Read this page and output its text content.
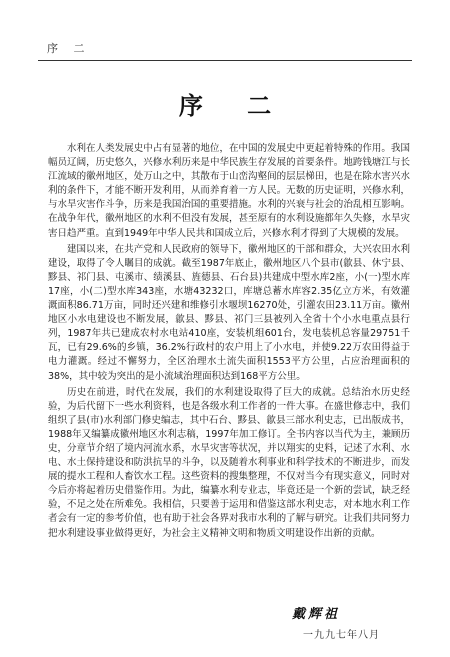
序 二
序 二

水利在人类发展史中占有显著的地位，在中国的发展史中更起着特殊的作用。我国幅员辽阔，历史悠久，兴修水利历来是中华民族生存发展的首要条件。地跨钱塘江与长江流域的徽州地区，处万山之中，其散布于山峦沟壑间的层层梯田，也是在除水害兴水利的条件下，才能不断开发利用，从而养育着一方人民。无数的历史证明，兴修水利，与水旱灾害作斗争，历来是我国治国的重要措施。水利的兴衰与社会的治乱相互影响。在战争年代，徽州地区的水利不但没有发展，甚至原有的水利设施都年久失修，水旱灾害日趋严重。直到1949年中华人民共和国成立后，兴修水利才得到了大规模的发展。

建国以来，在共产党和人民政府的领导下，徽州地区的干部和群众，大兴农田水利建设，取得了令人瞩目的成就。截至1987年底止，徽州地区八个县市(歙县、休宁县、黟县、祁门县、屯溪市、绩溪县、旌德县、石台县)共建成中型水库2座，小(一)型水库17座，小(二)型水库343座，水塘43232口，库塘总蓄水库容2.35亿立方米，有效灌溉面积86.71万亩，同时还兴建和维修引水堰坝16270处，引灌农田23.11万亩。徽州地区小水电建设也不断发展，歙县、黟县、祁门三县被列入全省十个小水电重点县行列，1987年共已建成农村水电站410座，安装机组601台，发电装机总容量29751千瓦，已有29.6%的乡镇，36.2%行政村的农户用上了小水电，并使9.22万农田得益于电力灌溉。经过不懈努力，全区治理水土流失面积1553平方公里，占应治理面积的38%，其中较为突出的是小流域治理面积达到168平方公里。

历史在前进，时代在发展，我们的水利建设取得了巨大的成就。总结治水历史经验，为后代留下一些水利资料，也是各级水利工作者的一件大事。在盛世修志中，我们组织了县(市)水利部门修史编志，其中石台、黟县、歙县三部水利史志，已出版成书，1988年又编纂成徽州地区水利志稿，1997年加工修订。全书内容以当代为主，兼顾历史，分章节介绍了境内河流水系，水旱灾害等状况，并以翔实的史料，记述了水利、水电、水土保持建设和防洪抗旱的斗争，以及随着水利事业和科学技术的不断进步，而发展的提水工程和人畜饮水工程。这些资料的搜集整理，不仅对当今有现实意义，同时对今后亦将起着历史借鉴作用。为此，编纂水利专业志，毕竟还是一个新的尝试，缺乏经验，不足之处在所难免。我相信，只要善于运用和借鉴这部水利史志，对本地水利工作者会有一定的参考价值，也有助于社会各界对我市水利的了解与研究。让我们共同努力把水利建设事业做得更好，为社会主义精神文明和物质文明建设作出新的贡献。

戴辉祖
一九九七年八月
